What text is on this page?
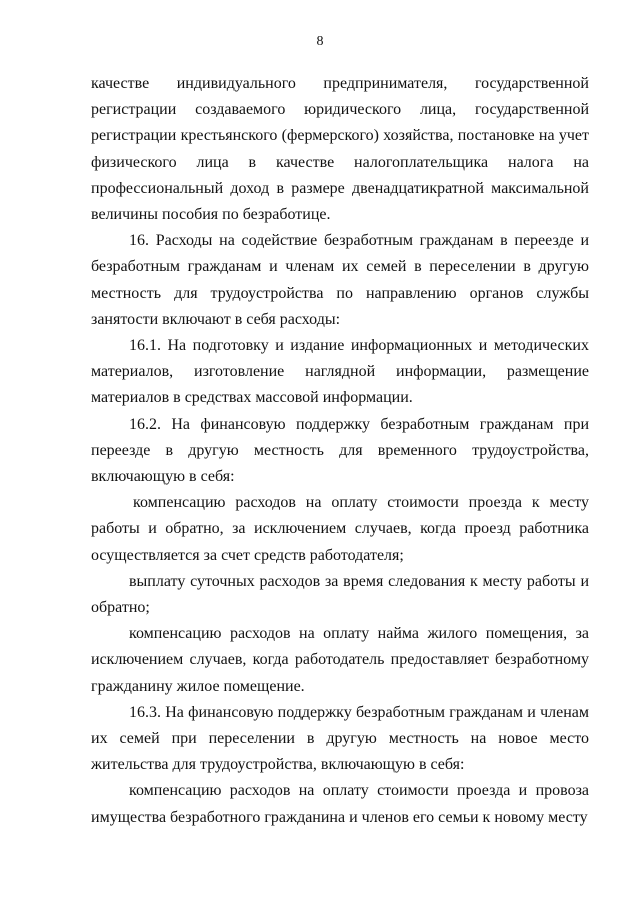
8

качестве индивидуального предпринимателя, государственной регистрации создаваемого юридического лица, государственной регистрации крестьянского (фермерского) хозяйства, постановке на учет физического лица в качестве налогоплательщика налога на профессиональный доход в размере двенадцатикратной максимальной величины пособия по безработице.

16. Расходы на содействие безработным гражданам в переезде и безработным гражданам и членам их семей в переселении в другую местность для трудоустройства по направлению органов службы занятости включают в себя расходы:

16.1. На подготовку и издание информационных и методических материалов, изготовление наглядной информации, размещение материалов в средствах массовой информации.

16.2. На финансовую поддержку безработным гражданам при переезде в другую местность для временного трудоустройства, включающую в себя:

компенсацию расходов на оплату стоимости проезда к месту работы и обратно, за исключением случаев, когда проезд работника осуществляется за счет средств работодателя;

выплату суточных расходов за время следования к месту работы и обратно;

компенсацию расходов на оплату найма жилого помещения, за исключением случаев, когда работодатель предоставляет безработному гражданину жилое помещение.

16.3. На финансовую поддержку безработным гражданам и членам их семей при переселении в другую местность на новое место жительства для трудоустройства, включающую в себя:

компенсацию расходов на оплату стоимости проезда и провоза имущества безработного гражданина и членов его семьи к новому месту
